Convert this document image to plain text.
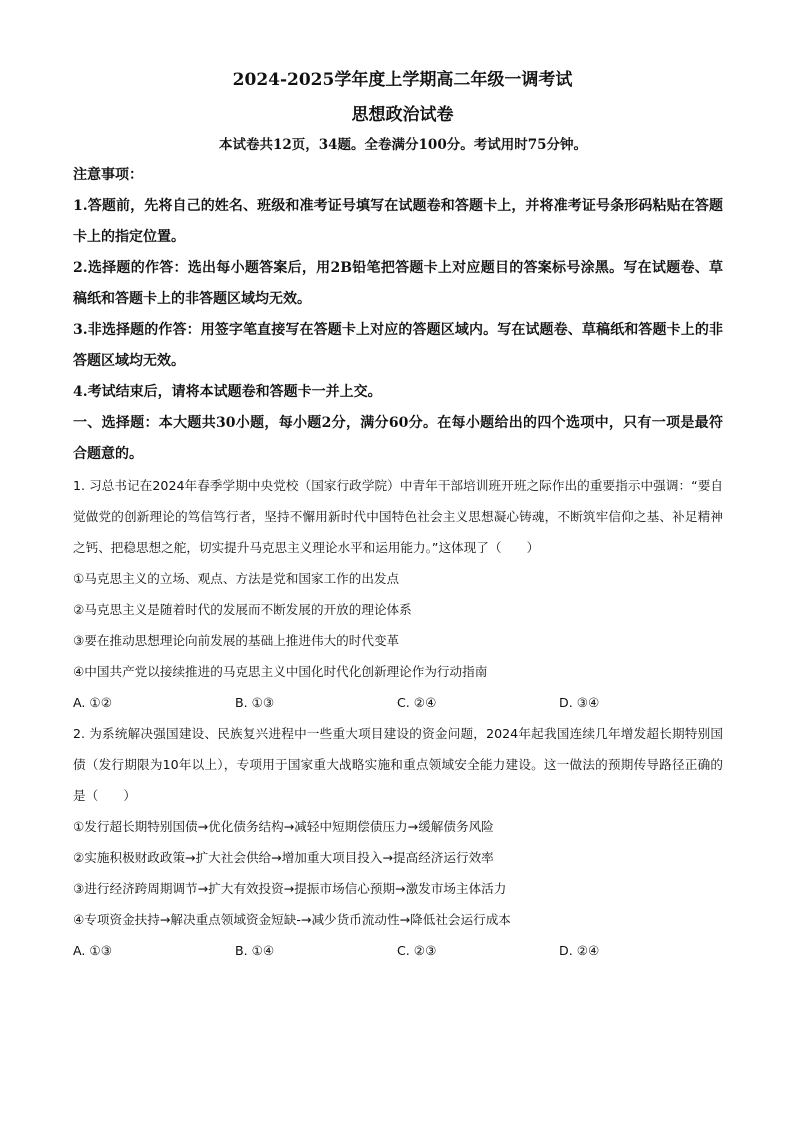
2024-2025学年度上学期高二年级一调考试
思想政治试卷
本试卷共12页，34题。全卷满分100分。考试用时75分钟。
注意事项：
1.答题前，先将自己的姓名、班级和准考证号填写在试题卷和答题卡上，并将准考证号条形码粘贴在答题卡上的指定位置。
2.选择题的作答：选出每小题答案后，用2B铅笔把答题卡上对应题目的答案标号涂黑。写在试题卷、草稿纸和答题卡上的非答题区域均无效。
3.非选择题的作答：用签字笔直接写在答题卡上对应的答题区域内。写在试题卷、草稿纸和答题卡上的非答题区域均无效。
4.考试结束后，请将本试题卷和答题卡一并上交。
一、选择题：本大题共30小题，每小题2分，满分60分。在每小题给出的四个选项中，只有一项是最符合题意的。
1. 习总书记在2024年春季学期中央党校（国家行政学院）中青年干部培训班开班之际作出的重要指示中强调：“要自觉做党的创新理论的笃信笃行者，坚持不懈用新时代中国特色社会主义思想凝心铸魂，不断筑牢信仰之基、补足精神之钙、把稳思想之舵，切实提升马克思主义理论水平和运用能力。”这体现了（　　）
①马克思主义的立场、观点、方法是党和国家工作的出发点
②马克思主义是随着时代的发展而不断发展的开放的理论体系
③要在推动思想理论向前发展的基础上推进伟大的时代变革
④中国共产党以接续推进的马克思主义中国化时代化创新理论作为行动指南
A. ①②	B. ①③	C. ②④	D. ③④
2. 为系统解决强国建设、民族复兴进程中一些重大项目建设的资金问题，2024年起我国连续几年增发超长期特别国债（发行期限为10年以上），专项用于国家重大战略实施和重点领域安全能力建设。这一做法的预期传导路径正确的是（　　）
①发行超长期特别国债→优化债务结构→减轻中短期偿债压力→缓解债务风险
②实施积极财政政策→扩大社会供给→增加重大项目投入→提高经济运行效率
③进行经济跨周期调节→扩大有效投资→提振市场信心预期→激发市场主体活力
④专项资金扶持→解决重点领域资金短缺-→减少货币流动性→降低社会运行成本
A. ①③	B. ①④	C. ②③	D. ②④
